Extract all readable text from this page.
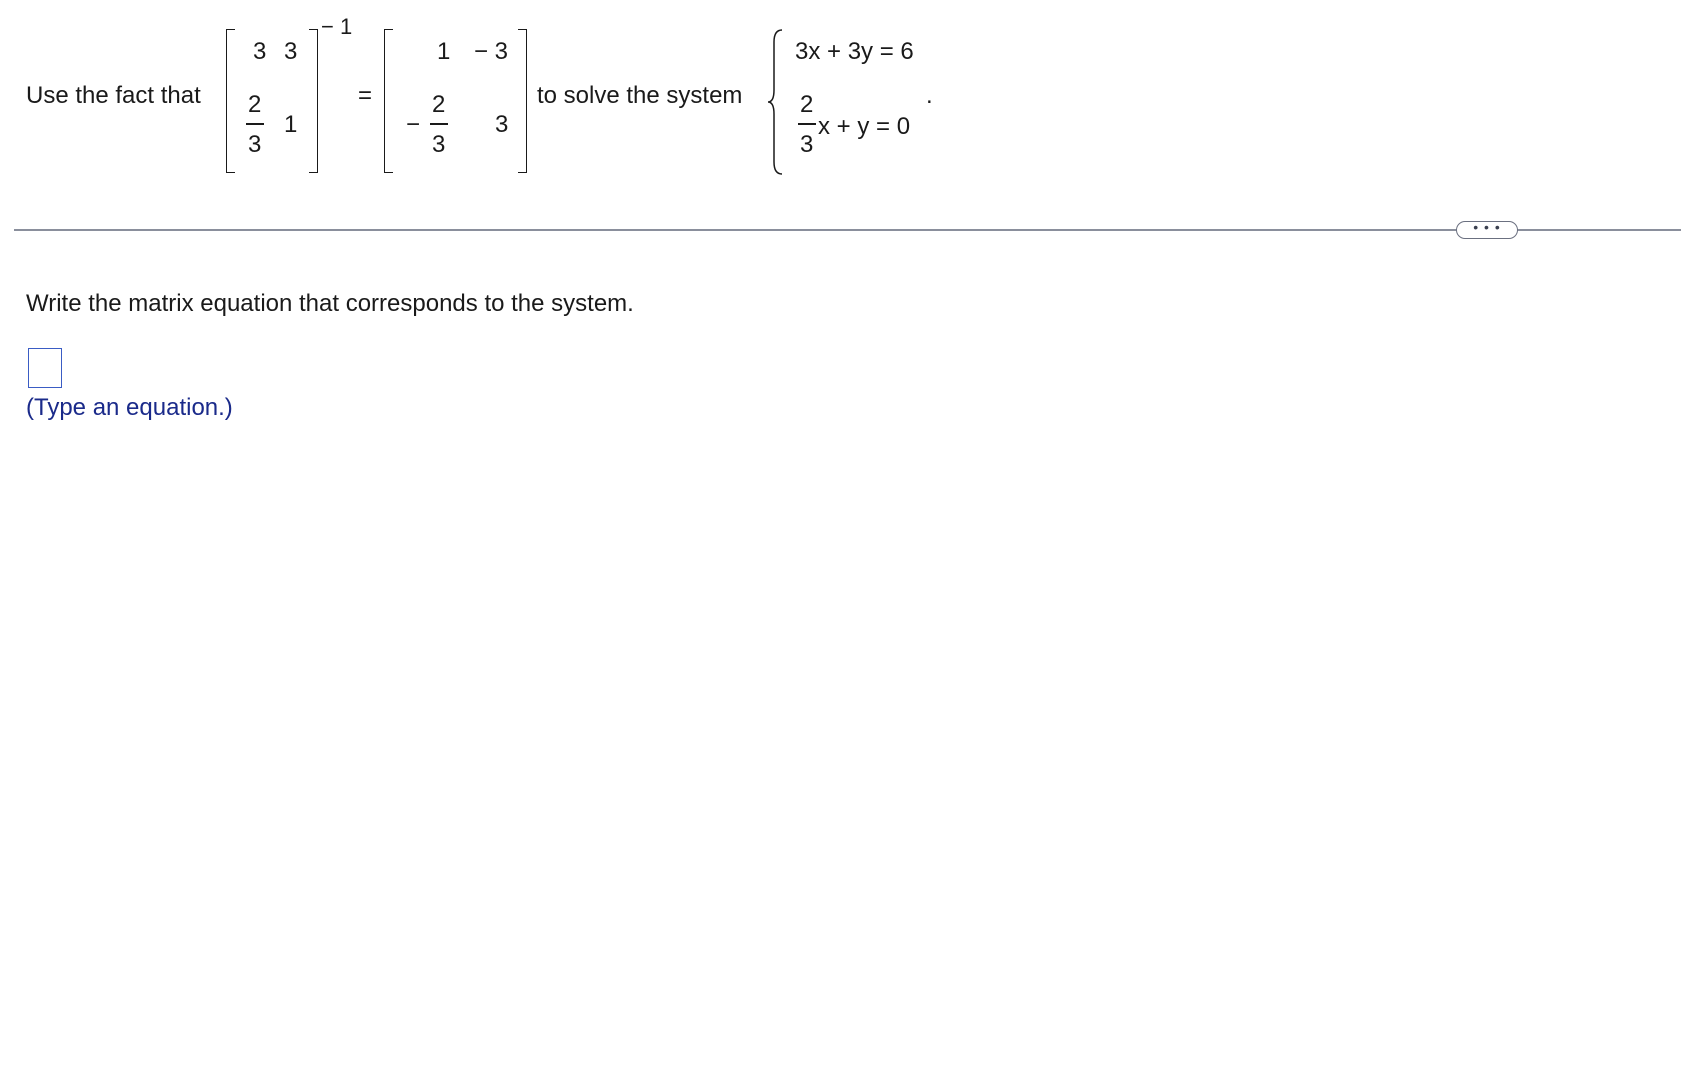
Use the fact that
3 3
2
3
1
− 1
=
1 − 3
−
2
3
3
to solve the system
3x + 3y = 6
2
3
x + y = 0
.
• • •
Write the matrix equation that corresponds to the system.
(Type an equation.)
